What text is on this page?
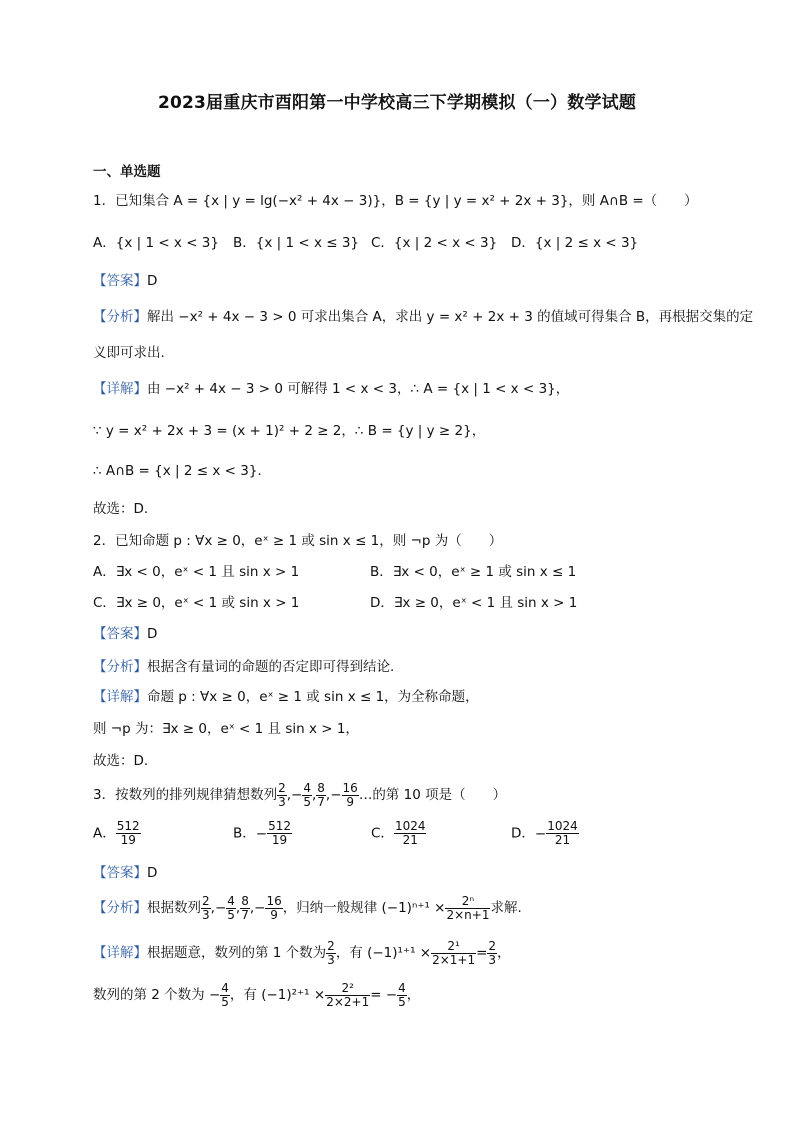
2023届重庆市酉阳第一中学校高三下学期模拟（一）数学试题
一、单选题
1．已知集合 A = {x | y = lg(−x² + 4x − 3)}，B = {y | y = x² + 2x + 3}，则 A∩B =（　　）
A．{x | 1 < x < 3} B．{x | 1 < x ≤ 3} C．{x | 2 < x < 3} D．{x | 2 ≤ x < 3}
【答案】D
【分析】解出 −x² + 4x − 3 > 0 可求出集合 A，求出 y = x² + 2x + 3 的值域可得集合 B，再根据交集的定
义即可求出.
【详解】由 −x² + 4x − 3 > 0 可解得 1 < x < 3，∴ A = {x | 1 < x < 3}，
∵ y = x² + 2x + 3 = (x + 1)² + 2 ≥ 2，∴ B = {y | y ≥ 2}，
∴ A∩B = {x | 2 ≤ x < 3}.
故选：D.
2．已知命题 p : ∀x ≥ 0，eˣ ≥ 1 或 sin x ≤ 1，则 ¬p 为（　　）
A．∃x < 0，eˣ < 1 且 sin x > 1	B．∃x < 0，eˣ ≥ 1 或 sin x ≤ 1
C．∃x ≥ 0，eˣ < 1 或 sin x > 1	D．∃x ≥ 0，eˣ < 1 且 sin x > 1
【答案】D
【分析】根据含有量词的命题的否定即可得到结论.
【详解】命题 p : ∀x ≥ 0，eˣ ≥ 1 或 sin x ≤ 1，为全称命题，
则 ¬p 为：∃x ≥ 0，eˣ < 1 且 sin x > 1，
故选：D.
3．按数列的排列规律猜想数列 $\frac{2}{3}$ ,− $\frac{4}{5}$ , $\frac{8}{7}$ ,− $\frac{16}{9}$ …的第 10 项是（　　）
A． $\frac{512}{19}$	B．− $\frac{512}{19}$	C． $\frac{1024}{21}$	D．− $\frac{1024}{21}$
【答案】D
【分析】根据数列 $\frac{2}{3}$ ,− $\frac{4}{5}$ , $\frac{8}{7}$ ,− $\frac{16}{9}$ ，归纳一般规律 $(-1)^{n+1} \times \frac{\text{2ⁿ}}{2\times n+1}$ 求解.
【详解】根据题意，数列的第 1 个数为 $\frac{2}{3}$ ，有 $(-1)^{1+1} \times \frac{\text{2¹}}{2\times 1+1} = \frac{2}{3}$ ，
数列的第 2 个数为 − $\frac{4}{5}$ ，有 $(-1)^{2+1} \times \frac{\text{2²}}{2\times 2+1}$ = − $\frac{4}{5}$ ，
